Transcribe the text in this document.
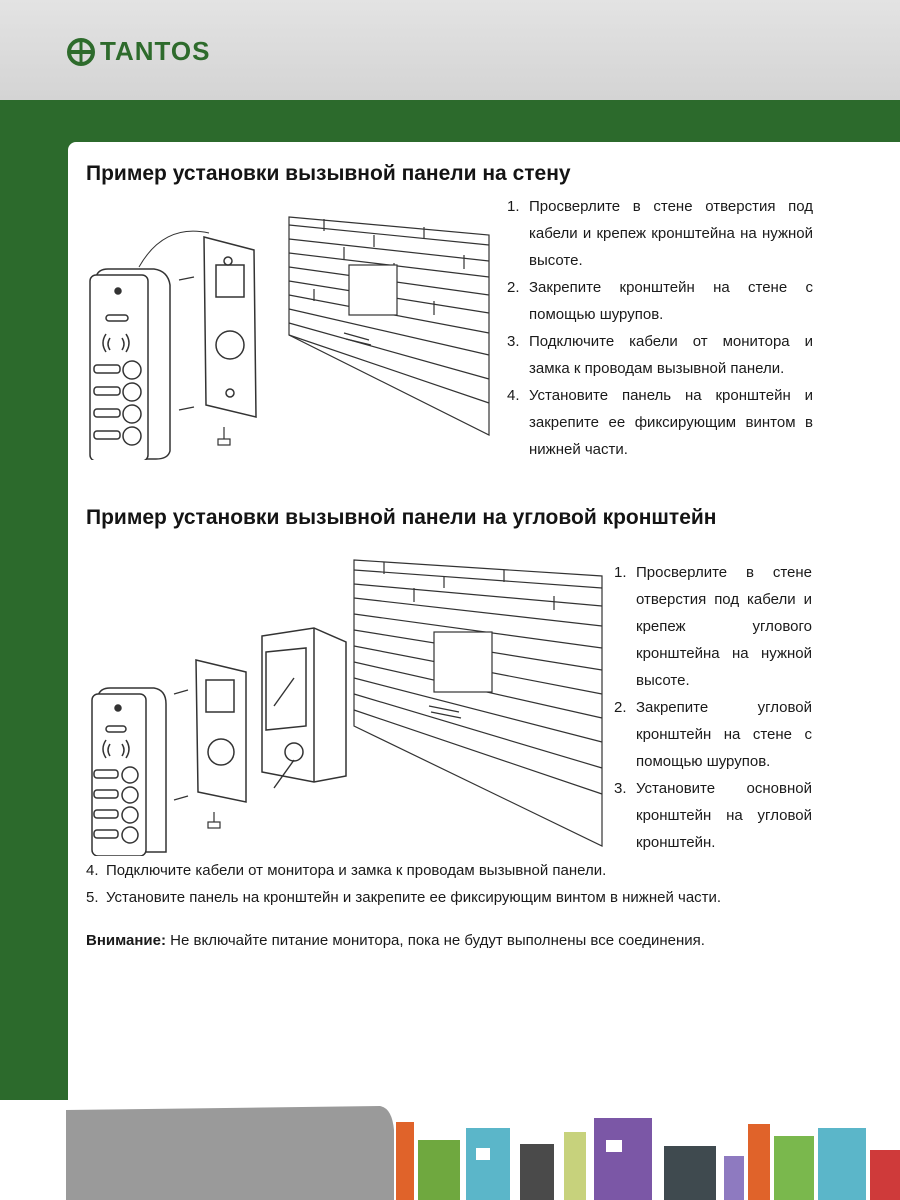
TANTOS
Пример установки вызывной панели на стену
1. Просверлите в стене отверстия под кабели и крепеж кронштейна на нужной высоте.
2. Закрепите кронштейн на стене с помощью шурупов.
3. Подключите кабели от монитора и замка к проводам вызывной панели.
4. Установите панель на кронштейн и закрепите ее фиксирующим винтом в нижней части.
Пример установки вызывной панели на угловой кронштейн
1. Просверлите в стене отверстия под кабели и крепеж углового кронштейна на нужной высоте.
2. Закрепите угловой кронштейн на стене с помощью шурупов.
3. Установите основной кронштейн на угловой кронштейн.
4. Подключите кабели от монитора и замка к проводам вызывной панели.
5. Установите панель на кронштейн и закрепите ее фиксирующим винтом в нижней части.
Внимание: Не включайте питание монитора, пока не будут выполнены все соединения.
